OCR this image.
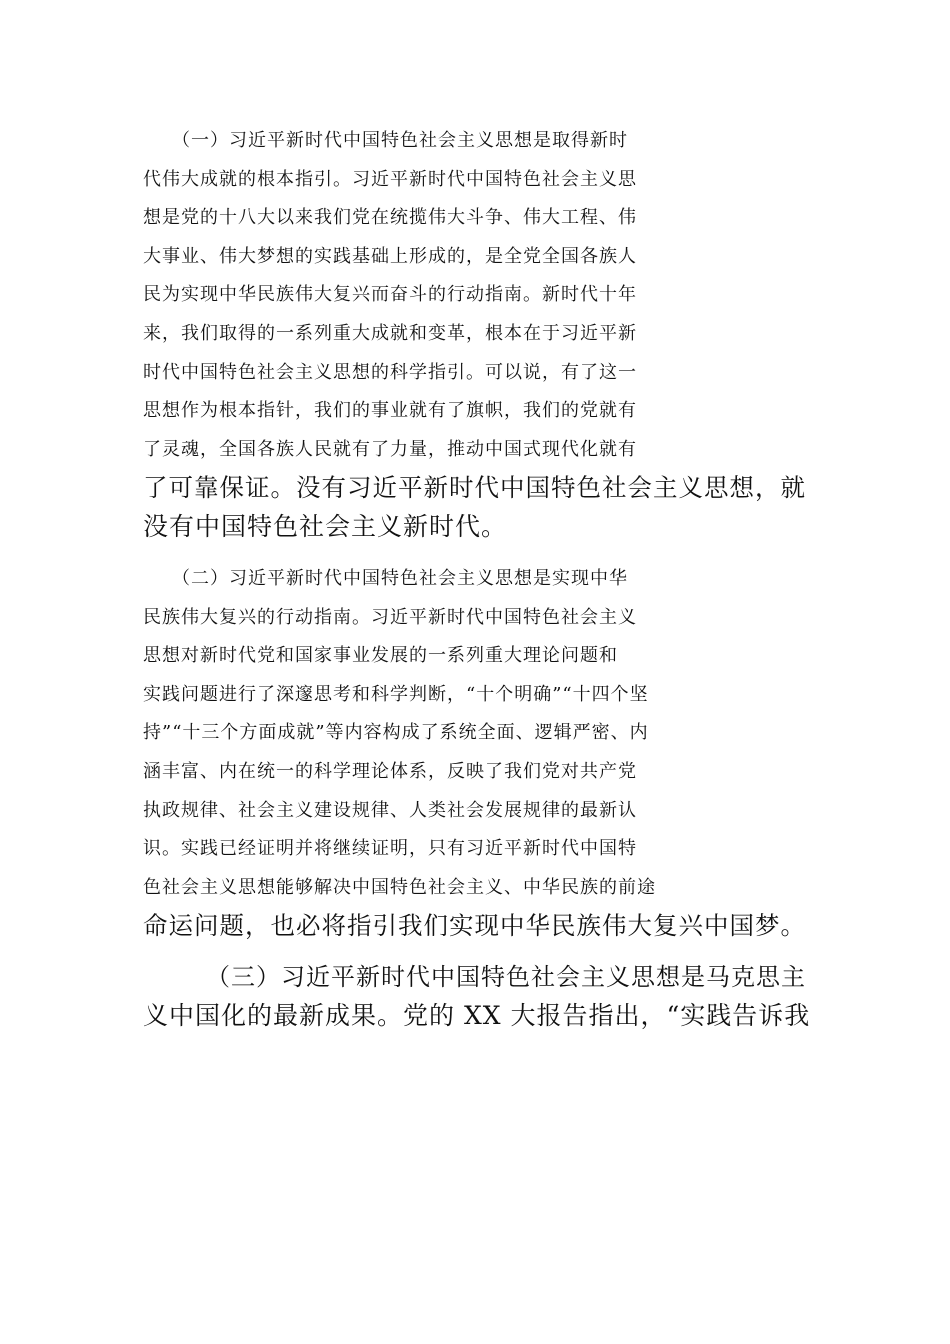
　　（一）习近平新时代中国特色社会主义思想是取得新时
代伟大成就的根本指引。习近平新时代中国特色社会主义思
想是党的十八大以来我们党在统揽伟大斗争、伟大工程、伟
大事业、伟大梦想的实践基础上形成的，是全党全国各族人
民为实现中华民族伟大复兴而奋斗的行动指南。新时代十年
来，我们取得的一系列重大成就和变革，根本在于习近平新
时代中国特色社会主义思想的科学指引。可以说，有了这一
思想作为根本指针，我们的事业就有了旗帜，我们的党就有
了灵魂，全国各族人民就有了力量，推动中国式现代化就有
了可靠保证。没有习近平新时代中国特色社会主义思想，就
没有中国特色社会主义新时代。
　　（二）习近平新时代中国特色社会主义思想是实现中华
民族伟大复兴的行动指南。习近平新时代中国特色社会主义
思想对新时代党和国家事业发展的一系列重大理论问题和
实践问题进行了深邃思考和科学判断，“十个明确”“十四个坚
持”“十三个方面成就”等内容构成了系统全面、逻辑严密、内
涵丰富、内在统一的科学理论体系，反映了我们党对共产党
执政规律、社会主义建设规律、人类社会发展规律的最新认
识。实践已经证明并将继续证明，只有习近平新时代中国特
色社会主义思想能够解决中国特色社会主义、中华民族的前途
命运问题，也必将指引我们实现中华民族伟大复兴中国梦。
　　　（三）习近平新时代中国特色社会主义思想是马克思主
义中国化的最新成果。党的 XX 大报告指出，“实践告诉我
